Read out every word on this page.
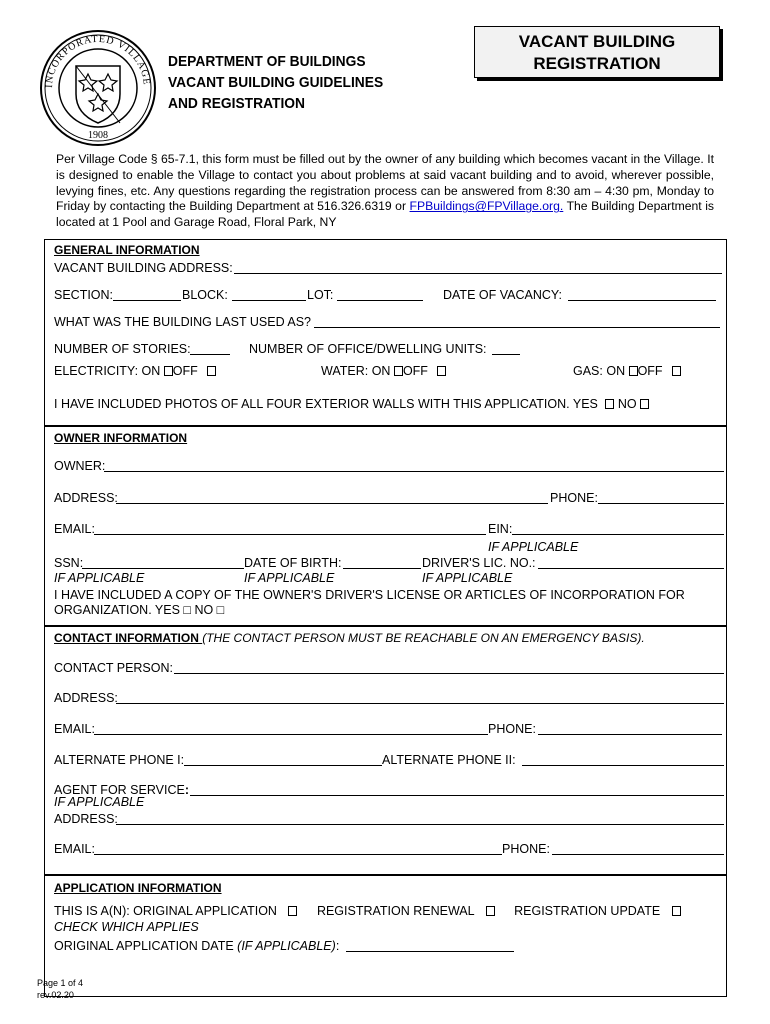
INCORPORATED VILLAGE
1908
DEPARTMENT OF BUILDINGS
VACANT BUILDING GUIDELINES
AND REGISTRATION
VACANT BUILDING
REGISTRATION
Per Village Code § 65-7.1, this form must be filled out by the owner of any building which becomes vacant in the Village. It is designed to enable the Village to contact you about problems at said vacant building and to avoid, wherever possible, levying fines, etc. Any questions regarding the registration process can be answered from 8:30 am – 4:30 pm, Monday to Friday by contacting the Building Department at 516.326.6319 or FPBuildings@FPVillage.org. The Building Department is located at 1 Pool and Garage Road, Floral Park, NY
GENERAL INFORMATION
VACANT BUILDING ADDRESS:
SECTION:	BLOCK:	LOT:	DATE OF VACANCY:
WHAT WAS THE BUILDING LAST USED AS?
NUMBER OF STORIES:	NUMBER OF OFFICE/DWELLING UNITS:
ELECTRICITY: ON OFF	WATER: ON OFF	GAS: ON OFF
I HAVE INCLUDED PHOTOS OF ALL FOUR EXTERIOR WALLS WITH THIS APPLICATION. YES NO
OWNER INFORMATION
OWNER:
ADDRESS:	PHONE:
EMAIL:	EIN:
IF APPLICABLE
SSN:	DATE OF BIRTH:	DRIVER'S LIC. NO.:
IF APPLICABLE	IF APPLICABLE	IF APPLICABLE
I HAVE INCLUDED A COPY OF THE OWNER'S DRIVER'S LICENSE OR ARTICLES OF INCORPORATION FOR
ORGANIZATION. YES □ NO □
CONTACT INFORMATION (THE CONTACT PERSON MUST BE REACHABLE ON AN EMERGENCY BASIS).
CONTACT PERSON:
ADDRESS:
EMAIL:	PHONE:
ALTERNATE PHONE I:	ALTERNATE PHONE II:
AGENT FOR SERVICE:
IF APPLICABLE
ADDRESS:
EMAIL:	PHONE:
APPLICATION INFORMATION
THIS IS A(N): ORIGINAL APPLICATION	REGISTRATION RENEWAL	REGISTRATION UPDATE
CHECK WHICH APPLIES
ORIGINAL APPLICATION DATE (IF APPLICABLE):
Page 1 of 4
rev.02.20
